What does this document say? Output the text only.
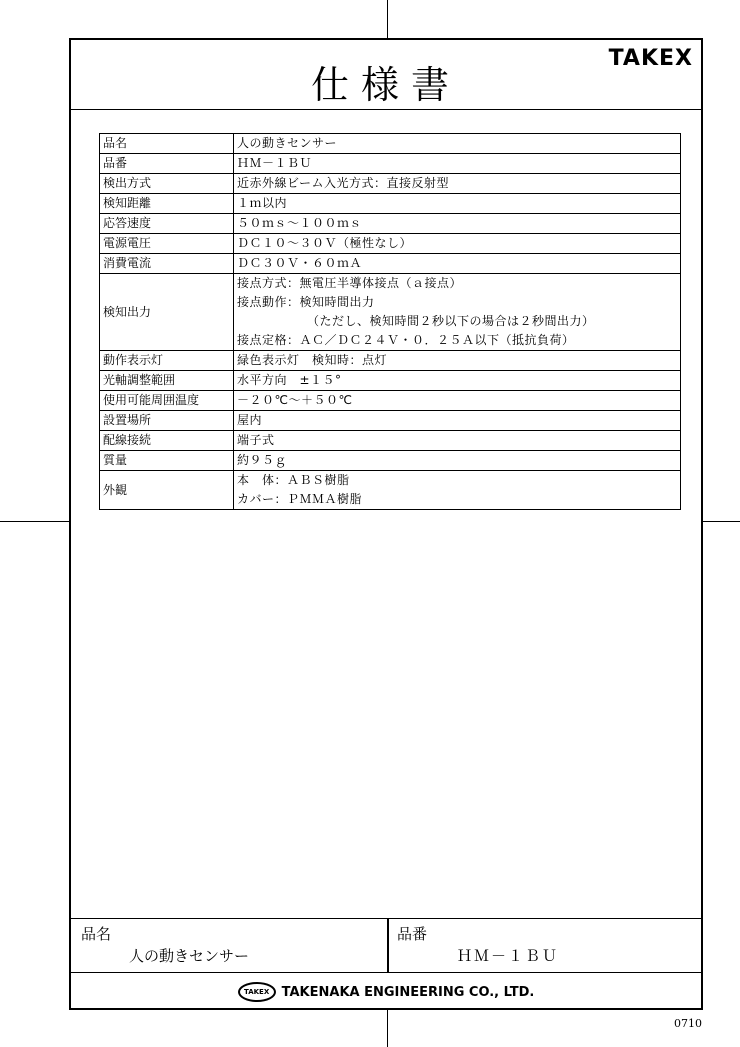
仕様書
TAKEX
品名	人の動きセンサー

品番	ＨＭ－１ＢＵ

検出方式	近赤外線ビーム入光方式：直接反射型

検知距離	１ｍ以内

応答速度	５０ｍｓ～１００ｍｓ

電源電圧	ＤＣ１０～３０Ｖ（極性なし）

消費電流	ＤＣ３０Ｖ・６０ｍＡ

検知出力	接点方式：無電圧半導体接点（ａ接点）
接点動作：検知時間出力
（ただし、検知時間２秒以下の場合は２秒間出力）
接点定格：ＡＣ／ＤＣ２４Ｖ・０．２５Ａ以下（抵抗負荷）

動作表示灯	緑色表示灯　検知時：点灯

光軸調整範囲	水平方向　±１５°

使用可能周囲温度	－２０℃～＋５０℃

設置場所	屋内

配線接続	端子式

質量	約９５ｇ

外観	本　体：ＡＢＳ樹脂
カバー：ＰＭＭＡ樹脂
品名
人の動きセンサー
品番
ＨＭ－１ＢＵ
TAKEX TAKENAKA ENGINEERING CO., LTD.
0710
